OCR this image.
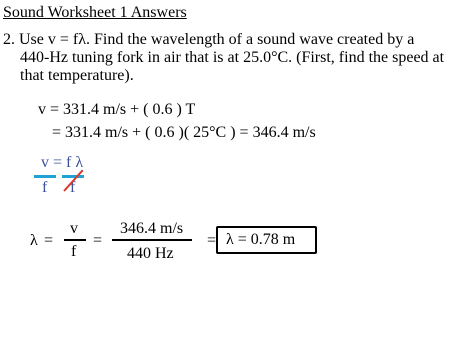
Sound Worksheet 1 Answers
2. Use v = fλ. Find the wavelength of a sound wave created by a
440-Hz tuning fork in air that is at 25.0°C. (First, find the speed at
that temperature).
v = 331.4 m/s + ( 0.6 ) T
= 331.4 m/s + ( 0.6 )( 25°C ) = 346.4 m/s
v = f λ
f f
λ =
v
f
=
346.4 m/s
440 Hz
= λ = 0.78 m
